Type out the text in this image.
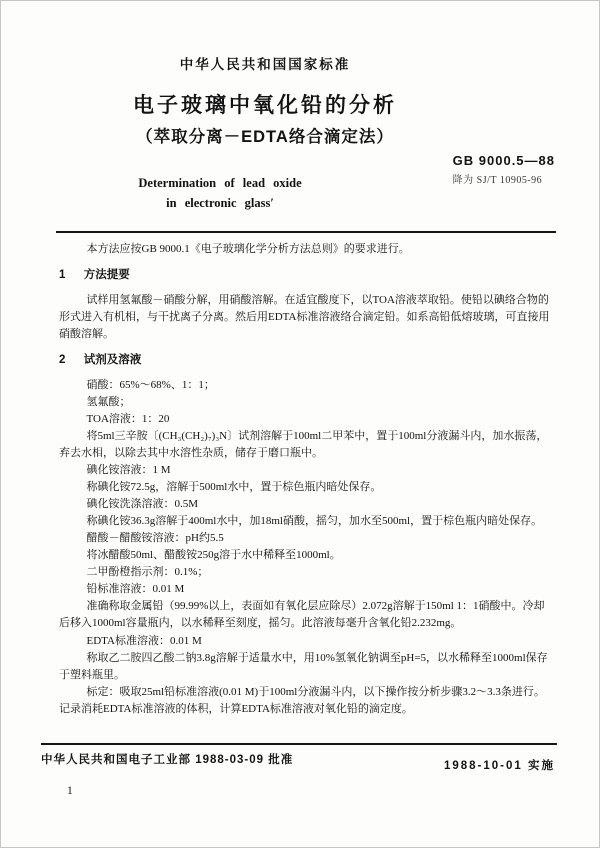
中华人民共和国国家标准
电子玻璃中氧化铅的分析
（萃取分离－EDTA络合滴定法）
GB 9000.5—88
降为 SJ/T 10905-96
Determination of lead oxide
in electronic glass′

本方法应按GB 9000.1《电子玻璃化学分析方法总则》的要求进行。

1 方法提要

试样用氢氟酸－硝酸分解，用硝酸溶解。在适宜酸度下，以TOA溶液萃取铅。使铅以碘络合物的形式进入有机相，与干扰离子分离。然后用EDTA标准溶液络合滴定铅。如系高铅低熔玻璃，可直接用硝酸溶解。

2 试剂及溶液

硝酸：65%～68%、1：1；

氢氟酸；

TOA溶液：1：20

将5ml三辛胺〔(CH₃(CH₂)₇)₃N〕试剂溶解于100ml二甲苯中，置于100ml分液漏斗内，加水振荡，弃去水相，以除去其中水溶性杂质，储存于磨口瓶中。

碘化铵溶液：1 M

称碘化铵72.5g，溶解于500ml水中，置于棕色瓶内暗处保存。

碘化铵洗涤溶液：0.5M

称碘化铵36.3g溶解于400ml水中，加18ml硝酸，摇匀，加水至500ml，置于棕色瓶内暗处保存。

醋酸－醋酸铵溶液：pH约5.5

将冰醋酸50ml、醋酸铵250g溶于水中稀释至1000ml。

二甲酚橙指示剂：0.1%；

铅标准溶液：0.01 M

准确称取金属铅（99.99%以上，表面如有氧化层应除尽）2.072g溶解于150ml 1：1硝酸中。冷却后移入1000ml容量瓶内，以水稀释至刻度，摇匀。此溶液每毫升含氧化铅2.232mg。

EDTA标准溶液：0.01 M

称取乙二胺四乙酸二钠3.8g溶解于适量水中，用10%氢氧化钠调至pH=5，以水稀释至1000ml保存于塑料瓶里。

标定：吸取25ml铅标准溶液(0.01 M)于100ml分液漏斗内，以下操作按分析步骤3.2～3.3条进行。记录消耗EDTA标准溶液的体积，计算EDTA标准溶液对氧化铅的滴定度。

中华人民共和国电子工业部 1988-03-09 批准	1988-10-01 实施
1
